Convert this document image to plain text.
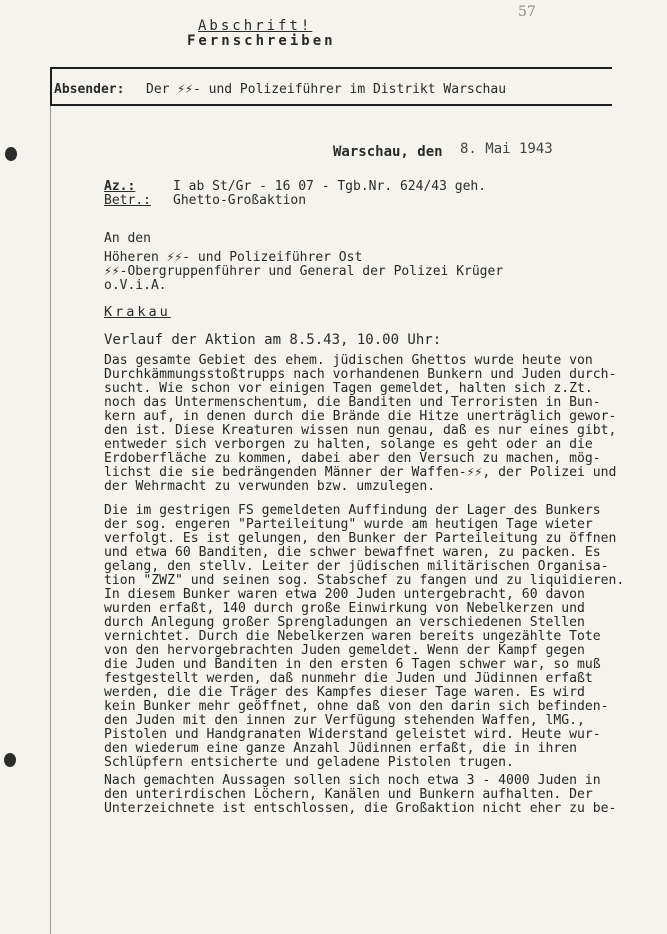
57
Abschrift!
Fernschreiben
Absender: Der ⚡⚡- und Polizeiführer im Distrikt Warschau
Warschau, den 8. Mai 1943
Az.:	I ab St/Gr - 16 07 - Tgb.Nr. 624/43 geh.
Betr.: Ghetto-Großaktion
An den
Höheren ⚡⚡- und Polizeiführer Ost
⚡⚡-Obergruppenführer und General der Polizei Krüger
o.V.i.A.
Krakau
Verlauf der Aktion am 8.5.43, 10.00 Uhr:
Das gesamte Gebiet des ehem. jüdischen Ghettos wurde heute von
Durchkämmungsstoßtrupps nach vorhandenen Bunkern und Juden durch-
sucht. Wie schon vor einigen Tagen gemeldet, halten sich z.Zt.
noch das Untermenschentum, die Banditen und Terroristen in Bun-
kern auf, in denen durch die Brände die Hitze unerträglich gewor-
den ist. Diese Kreaturen wissen nun genau, daß es nur eines gibt,
entweder sich verborgen zu halten, solange es geht oder an die
Erdoberfläche zu kommen, dabei aber den Versuch zu machen, mög-
lichst die sie bedrängenden Männer der Waffen-⚡⚡, der Polizei und
der Wehrmacht zu verwunden bzw. umzulegen.
Die im gestrigen FS gemeldeten Auffindung der Lager des Bunkers
der sog. engeren "Parteileitung" wurde am heutigen Tage wieter
verfolgt. Es ist gelungen, den Bunker der Parteileitung zu öffnen
und etwa 60 Banditen, die schwer bewaffnet waren, zu packen. Es
gelang, den stellv. Leiter der jüdischen militärischen Organisa-
tion "ZWZ" und seinen sog. Stabschef zu fangen und zu liquidieren.
In diesem Bunker waren etwa 200 Juden untergebracht, 60 davon
wurden erfaßt, 140 durch große Einwirkung von Nebelkerzen und
durch Anlegung großer Sprengladungen an verschiedenen Stellen
vernichtet. Durch die Nebelkerzen waren bereits ungezählte Tote
von den hervorgebrachten Juden gemeldet. Wenn der Kampf gegen
die Juden und Banditen in den ersten 6 Tagen schwer war, so muß
festgestellt werden, daß nunmehr die Juden und Jüdinnen erfaßt
werden, die die Träger des Kampfes dieser Tage waren. Es wird
kein Bunker mehr geöffnet, ohne daß von den darin sich befinden-
den Juden mit den innen zur Verfügung stehenden Waffen, lMG.,
Pistolen und Handgranaten Widerstand geleistet wird. Heute wur-
den wiederum eine ganze Anzahl Jüdinnen erfaßt, die in ihren
Schlüpfern entsicherte und geladene Pistolen trugen.
Nach gemachten Aussagen sollen sich noch etwa 3 - 4000 Juden in
den unterirdischen Löchern, Kanälen und Bunkern aufhalten. Der
Unterzeichnete ist entschlossen, die Großaktion nicht eher zu be-
